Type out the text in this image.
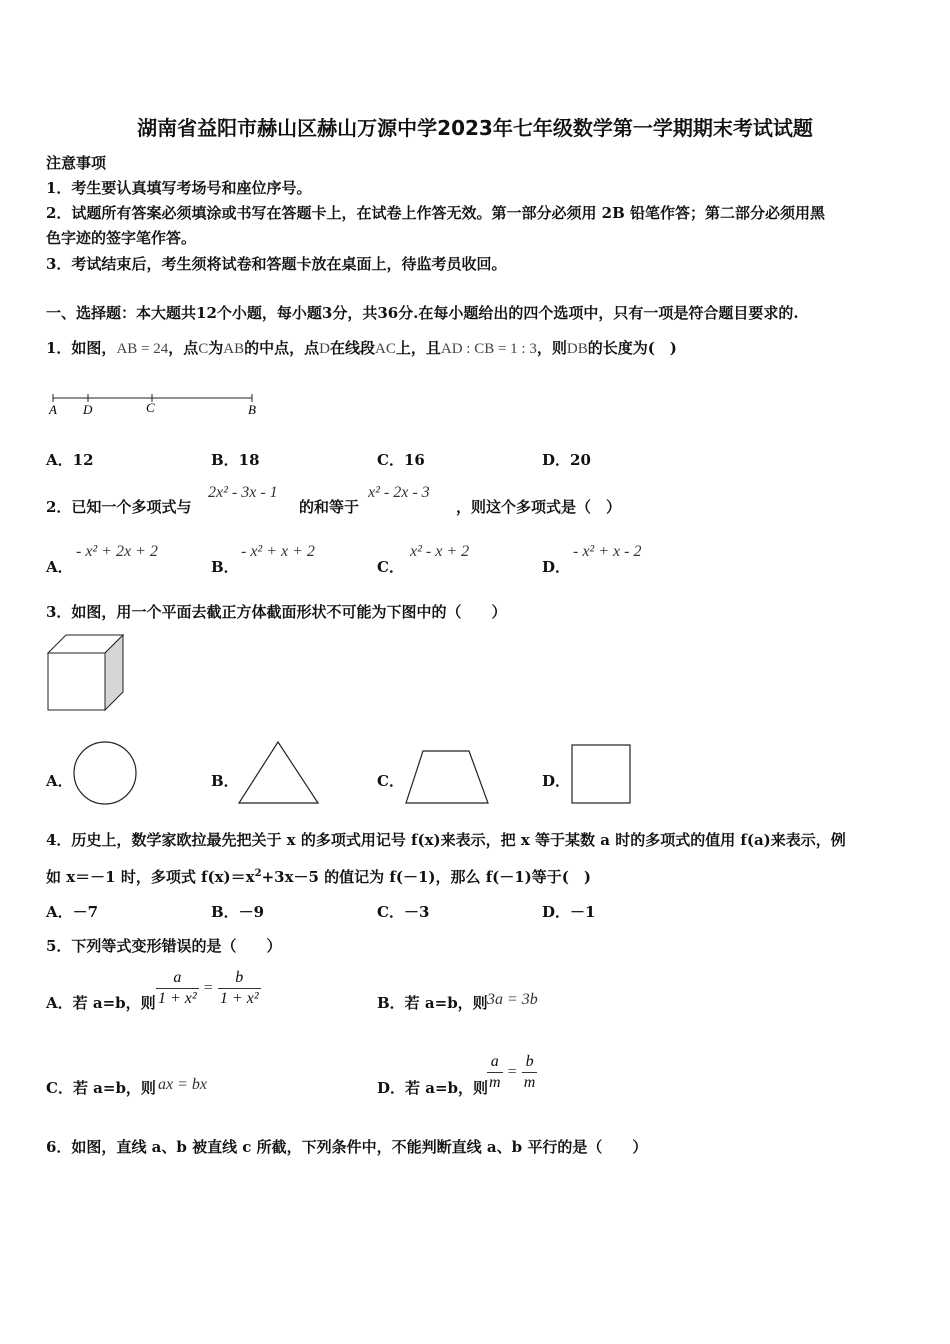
湖南省益阳市赫山区赫山万源中学2023年七年级数学第一学期期末考试试题
注意事项
1．考生要认真填写考场号和座位序号。
2．试题所有答案必须填涂或书写在答题卡上，在试卷上作答无效。第一部分必须用 2B 铅笔作答；第二部分必须用黑
色字迹的签字笔作答。
3．考试结束后，考生须将试卷和答题卡放在桌面上，待监考员收回。
一、选择题：本大题共12个小题，每小题3分，共36分.在每小题给出的四个选项中，只有一项是符合题目要求的.
1．如图，AB = 24，点C为AB的中点，点D在线段AC上，且AD : CB = 1 : 3，则DB的长度为(　)
A D	C	B
A．12	B．18	C．16	D．20
2．已知一个多项式与
2x² - 3x - 1
的和等于
x² - 2x - 3
，则这个多项式是（　）
A．
- x² + 2x + 2
B．
- x² + x + 2
C．
x² - x + 2
D．
- x² + x - 2
3．如图，用一个平面去截正方体截面形状不可能为下图中的（　　）
A．	B．	C．	D．
4．历史上，数学家欧拉最先把关于 x 的多项式用记号 f(x)来表示，把 x 等于某数 a 时的多项式的值用 f(a)来表示，例
如 x＝－1 时，多项式 $f(x)=x^2+3x-5$ 的值记为 f(－1)，那么 f(－1)等于(　)
A．－7	B．－9	C．－3	D．－1
5．下列等式变形错误的是（　　）
A．若 a=b，则 $\frac{a}{\text{1 + x²}} = \frac{b}{\text{1 + x²}}$	B．若 a=b，则 3a = 3b
C．若 a=b，则 ax = bx	D．若 a=b，则
$\frac{a}{m} = \frac{b}{m}$
6．如图，直线 a、b 被直线 c 所截，下列条件中，不能判断直线 a、b 平行的是（　　）
